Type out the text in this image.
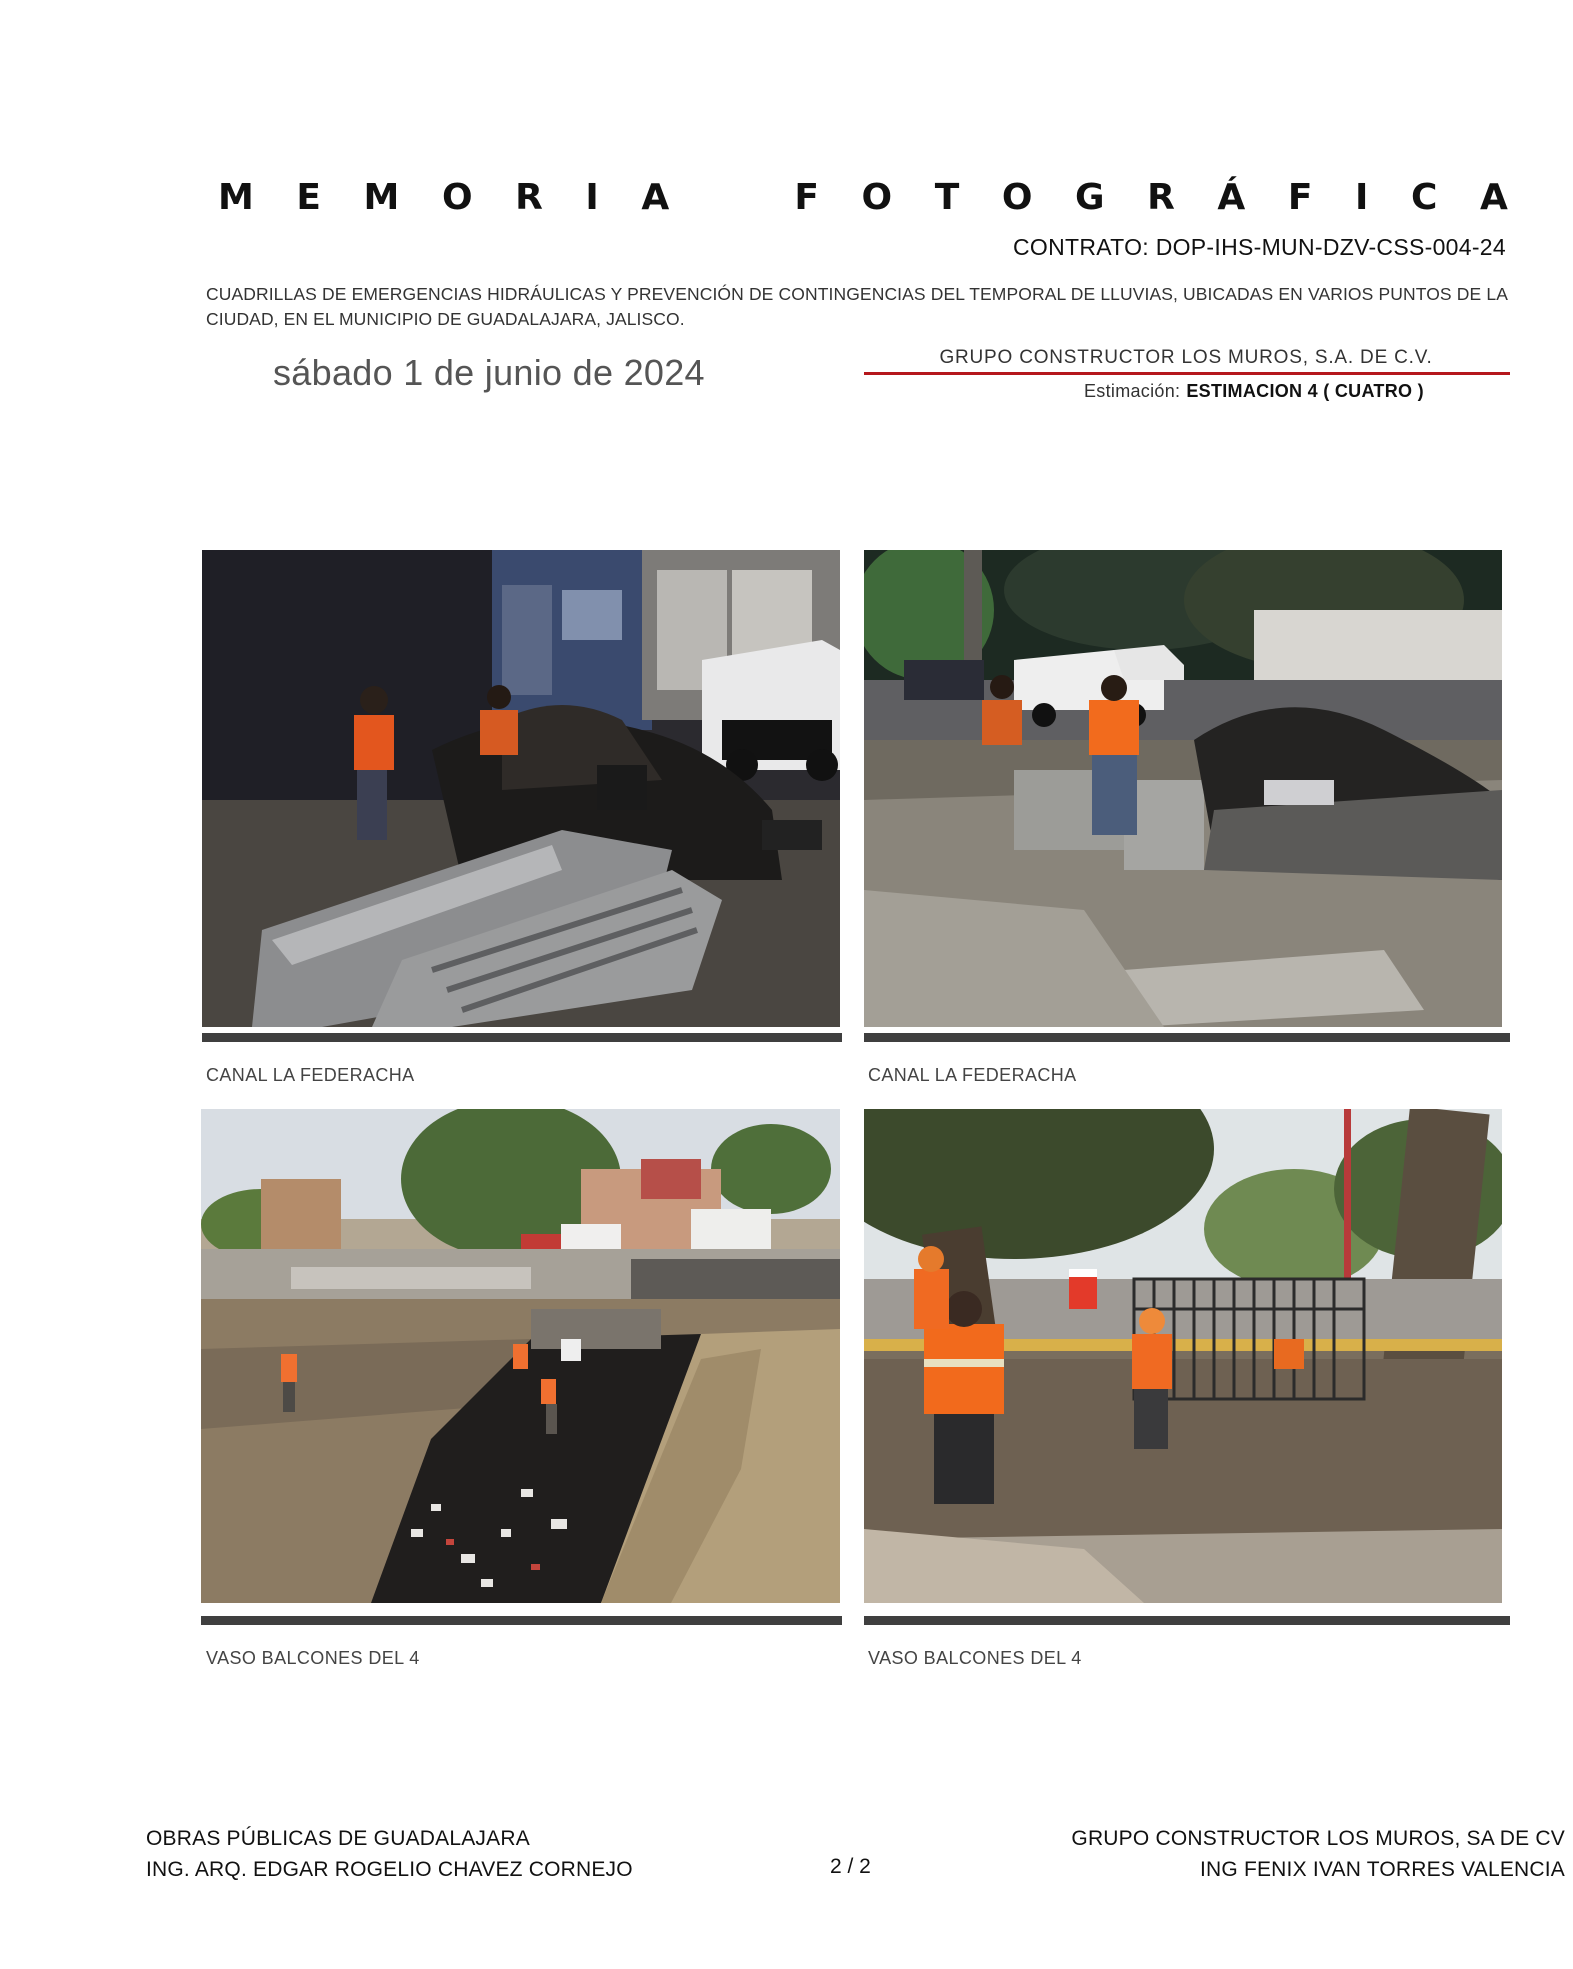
M E M O R I A	F O T O G R Á F I C A
CONTRATO: DOP-IHS-MUN-DZV-CSS-004-24
CUADRILLAS DE EMERGENCIAS HIDRÁULICAS Y PREVENCIÓN DE CONTINGENCIAS DEL TEMPORAL DE LLUVIAS, UBICADAS EN VARIOS PUNTOS DE LA CIUDAD, EN EL MUNICIPIO DE GUADALAJARA, JALISCO.
sábado 1 de junio de 2024	GRUPO CONSTRUCTOR LOS MUROS, S.A. DE C.V.
Estimación: ESTIMACION 4 ( CUATRO )
CANAL LA FEDERACHA	CANAL LA FEDERACHA
VASO BALCONES DEL 4	VASO BALCONES DEL 4
OBRAS PÚBLICAS DE GUADALAJARA
ING. ARQ. EDGAR ROGELIO CHAVEZ CORNEJO	2 / 2
GRUPO CONSTRUCTOR LOS MUROS, SA DE CV
ING FENIX IVAN TORRES VALENCIA
